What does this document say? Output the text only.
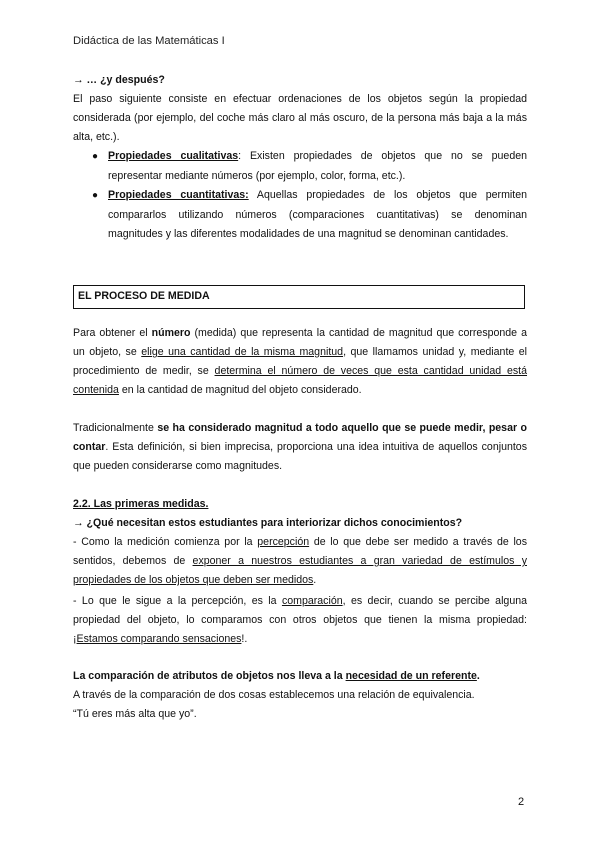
Didáctica de las Matemáticas I
→ … ¿y después?
El paso siguiente consiste en efectuar ordenaciones de los objetos según la propiedad considerada (por ejemplo, del coche más claro al más oscuro, de la persona más baja a la más alta, etc.).
● Propiedades cualitativas: Existen propiedades de objetos que no se pueden representar mediante números (por ejemplo, color, forma, etc.).
● Propiedades cuantitativas: Aquellas propiedades de los objetos que permiten compararlos utilizando números (comparaciones cuantitativas) se denominan magnitudes y las diferentes modalidades de una magnitud se denominan cantidades.
EL PROCESO DE MEDIDA
Para obtener el número (medida) que representa la cantidad de magnitud que corresponde a un objeto, se elige una cantidad de la misma magnitud, que llamamos unidad y, mediante el procedimiento de medir, se determina el número de veces que esta cantidad unidad está contenida en la cantidad de magnitud del objeto considerado.
Tradicionalmente se ha considerado magnitud a todo aquello que se puede medir, pesar o contar. Esta definición, si bien imprecisa, proporciona una idea intuitiva de aquellos conjuntos que pueden considerarse como magnitudes.
2.2. Las primeras medidas.
→ ¿Qué necesitan estos estudiantes para interiorizar dichos conocimientos?
- Como la medición comienza por la percepción de lo que debe ser medido a través de los sentidos, debemos de exponer a nuestros estudiantes a gran variedad de estímulos y propiedades de los objetos que deben ser medidos.
- Lo que le sigue a la percepción, es la comparación, es decir, cuando se percibe alguna propiedad del objeto, lo comparamos con otros objetos que tienen la misma propiedad: ¡Estamos comparando sensaciones!.
La comparación de atributos de objetos nos lleva a la necesidad de un referente.
A través de la comparación de dos cosas establecemos una relación de equivalencia.
“Tú eres más alta que yo”.
2
